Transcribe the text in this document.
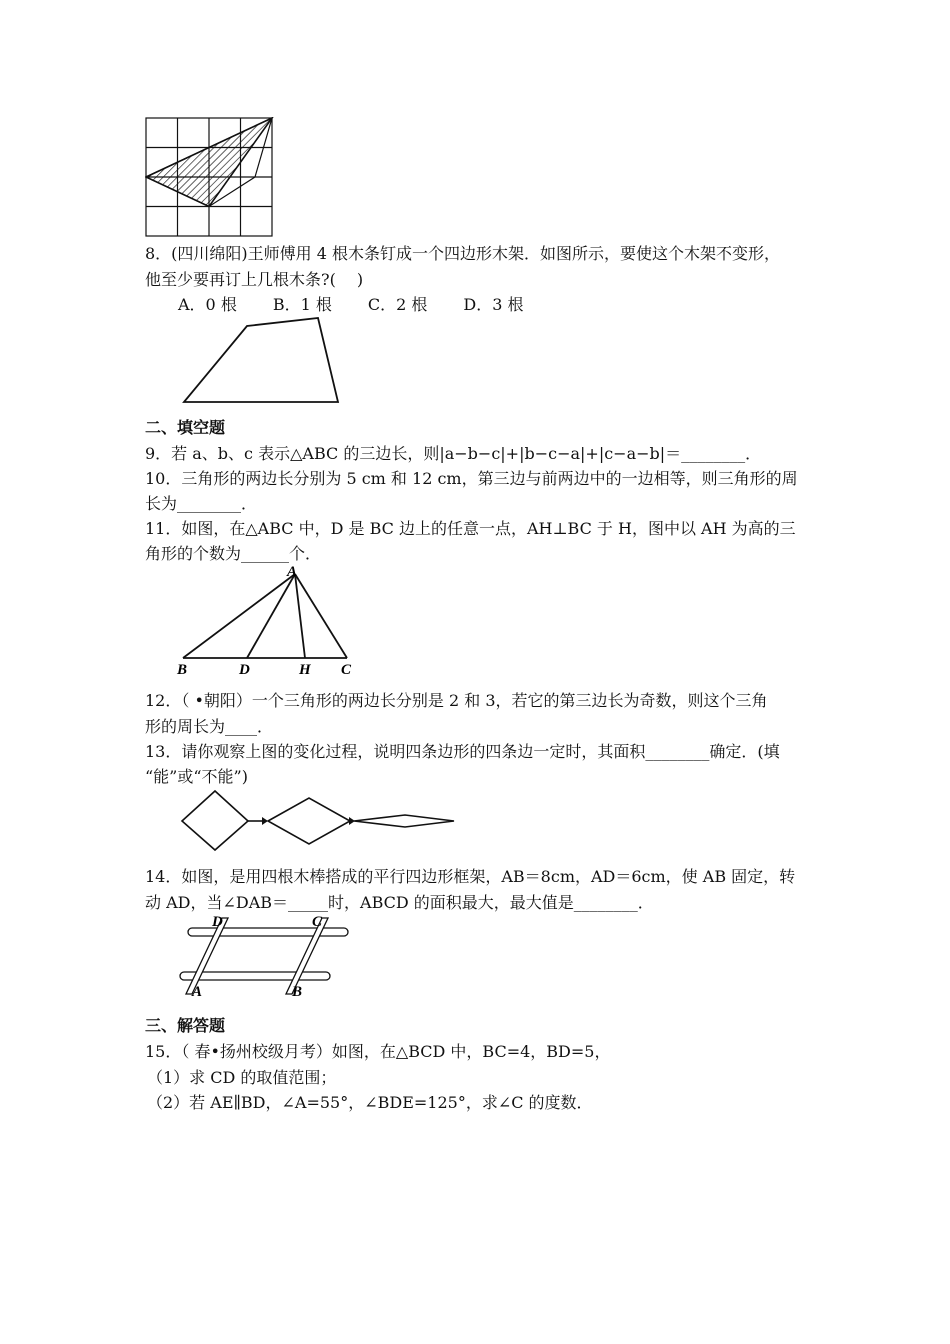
8．(四川绵阳)王师傅用 4 根木条钉成一个四边形木架．如图所示，要使这个木架不变形，
他至少要再订上几根木条?(　 )
A．0 根 B．1 根 C．2 根 D．3 根
二、填空题
9．若 a、b、c 表示△ABC 的三边长，则|a−b−c|+|b−c−a|+|c−a−b|＝________．
10．三角形的两边长分别为 5 cm 和 12 cm，第三边与前两边中的一边相等，则三角形的周
长为________．
11．如图，在△ABC 中，D 是 BC 边上的任意一点，AH⊥BC 于 H，图中以 AH 为高的三
角形的个数为______个．
A
B	D	H C
12．（ •朝阳）一个三角形的两边长分别是 2 和 3，若它的第三边长为奇数，则这个三角
形的周长为____．
13．请你观察上图的变化过程，说明四条边形的四条边一定时，其面积________确定．(填
“能”或“不能”)
14．如图，是用四根木棒搭成的平行四边形框架，AB＝8cm，AD＝6cm，使 AB 固定，转
动 AD，当∠DAB＝_____时，ABCD 的面积最大，最大值是________．
D	C
A	B
三、解答题
15．（ 春•扬州校级月考）如图，在△BCD 中，BC=4，BD=5，
（1）求 CD 的取值范围；
（2）若 AE∥BD，∠A=55°，∠BDE=125°，求∠C 的度数．
